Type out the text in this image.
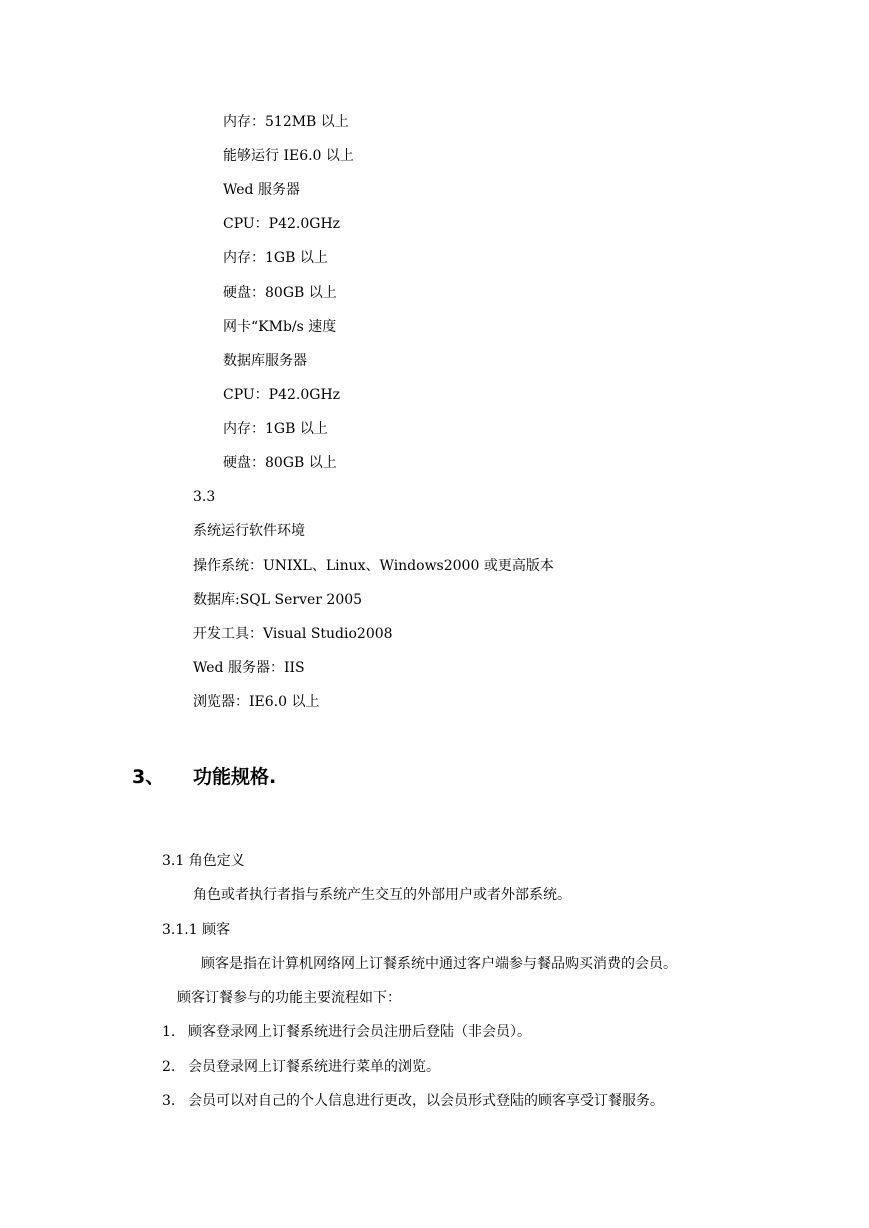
内存：512MB 以上
能够运行 IE6.0 以上
Wed 服务器
CPU：P42.0GHz
内存：1GB 以上
硬盘：80GB 以上
网卡“KMb/s 速度
数据库服务器
CPU：P42.0GHz
内存：1GB 以上
硬盘：80GB 以上
3.3
系统运行软件环境
操作系统：UNIXL、Linux、Windows2000 或更高版本
数据库:SQL Server 2005
开发工具：Visual Studio2008
Wed 服务器：IIS
浏览器：IE6.0 以上
3、 功能规格.
3.1 角色定义
角色或者执行者指与系统产生交互的外部用户或者外部系统。
3.1.1 顾客
顾客是指在计算机网络网上订餐系统中通过客户端参与餐品购买消费的会员。
顾客订餐参与的功能主要流程如下：
1. 顾客登录网上订餐系统进行会员注册后登陆（非会员）。
2. 会员登录网上订餐系统进行菜单的浏览。
3. 会员可以对自己的个人信息进行更改，以会员形式登陆的顾客享受订餐服务。
